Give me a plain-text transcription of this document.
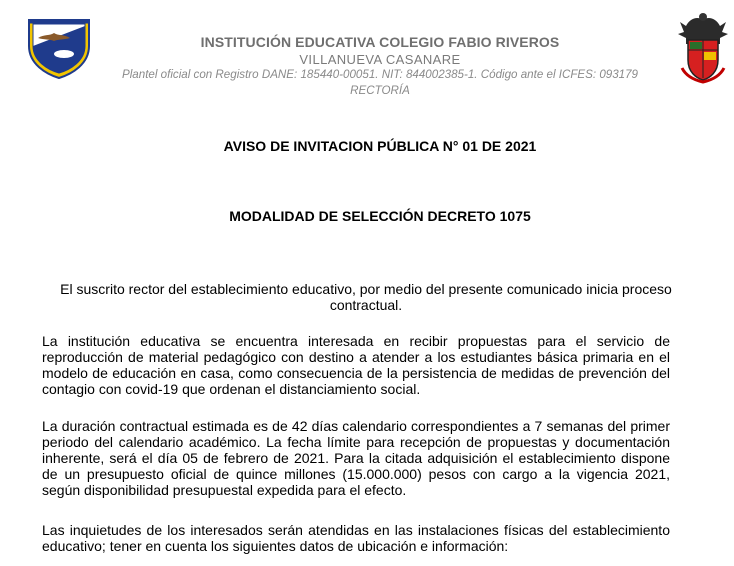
INSTITUCIÓN EDUCATIVA COLEGIO FABIO RIVEROS
VILLANUEVA CASANARE
Plantel oficial con Registro DANE: 185440-00051. NIT: 844002385-1. Código ante el ICFES: 093179
RECTORÍA
AVISO DE INVITACION PÚBLICA N° 01 DE 2021
MODALIDAD DE SELECCIÓN DECRETO 1075
El suscrito rector del establecimiento educativo, por medio del presente comunicado inicia proceso contractual.
La institución educativa se encuentra interesada en recibir propuestas para el servicio de reproducción de material pedagógico con destino a atender a los estudiantes básica primaria en el modelo de educación en casa, como consecuencia de la persistencia de medidas de prevención del contagio con covid-19 que ordenan el distanciamiento social.
La duración contractual estimada es de 42 días calendario correspondientes a 7 semanas del primer periodo del calendario académico. La fecha límite para recepción de propuestas y documentación inherente, será el día 05 de febrero de 2021. Para la citada adquisición el establecimiento dispone de un presupuesto oficial de quince millones (15.000.000) pesos con cargo a la vigencia 2021, según disponibilidad presupuestal expedida para el efecto.
Las inquietudes de los interesados serán atendidas en las instalaciones físicas del establecimiento educativo; tener en cuenta los siguientes datos de ubicación e información:
